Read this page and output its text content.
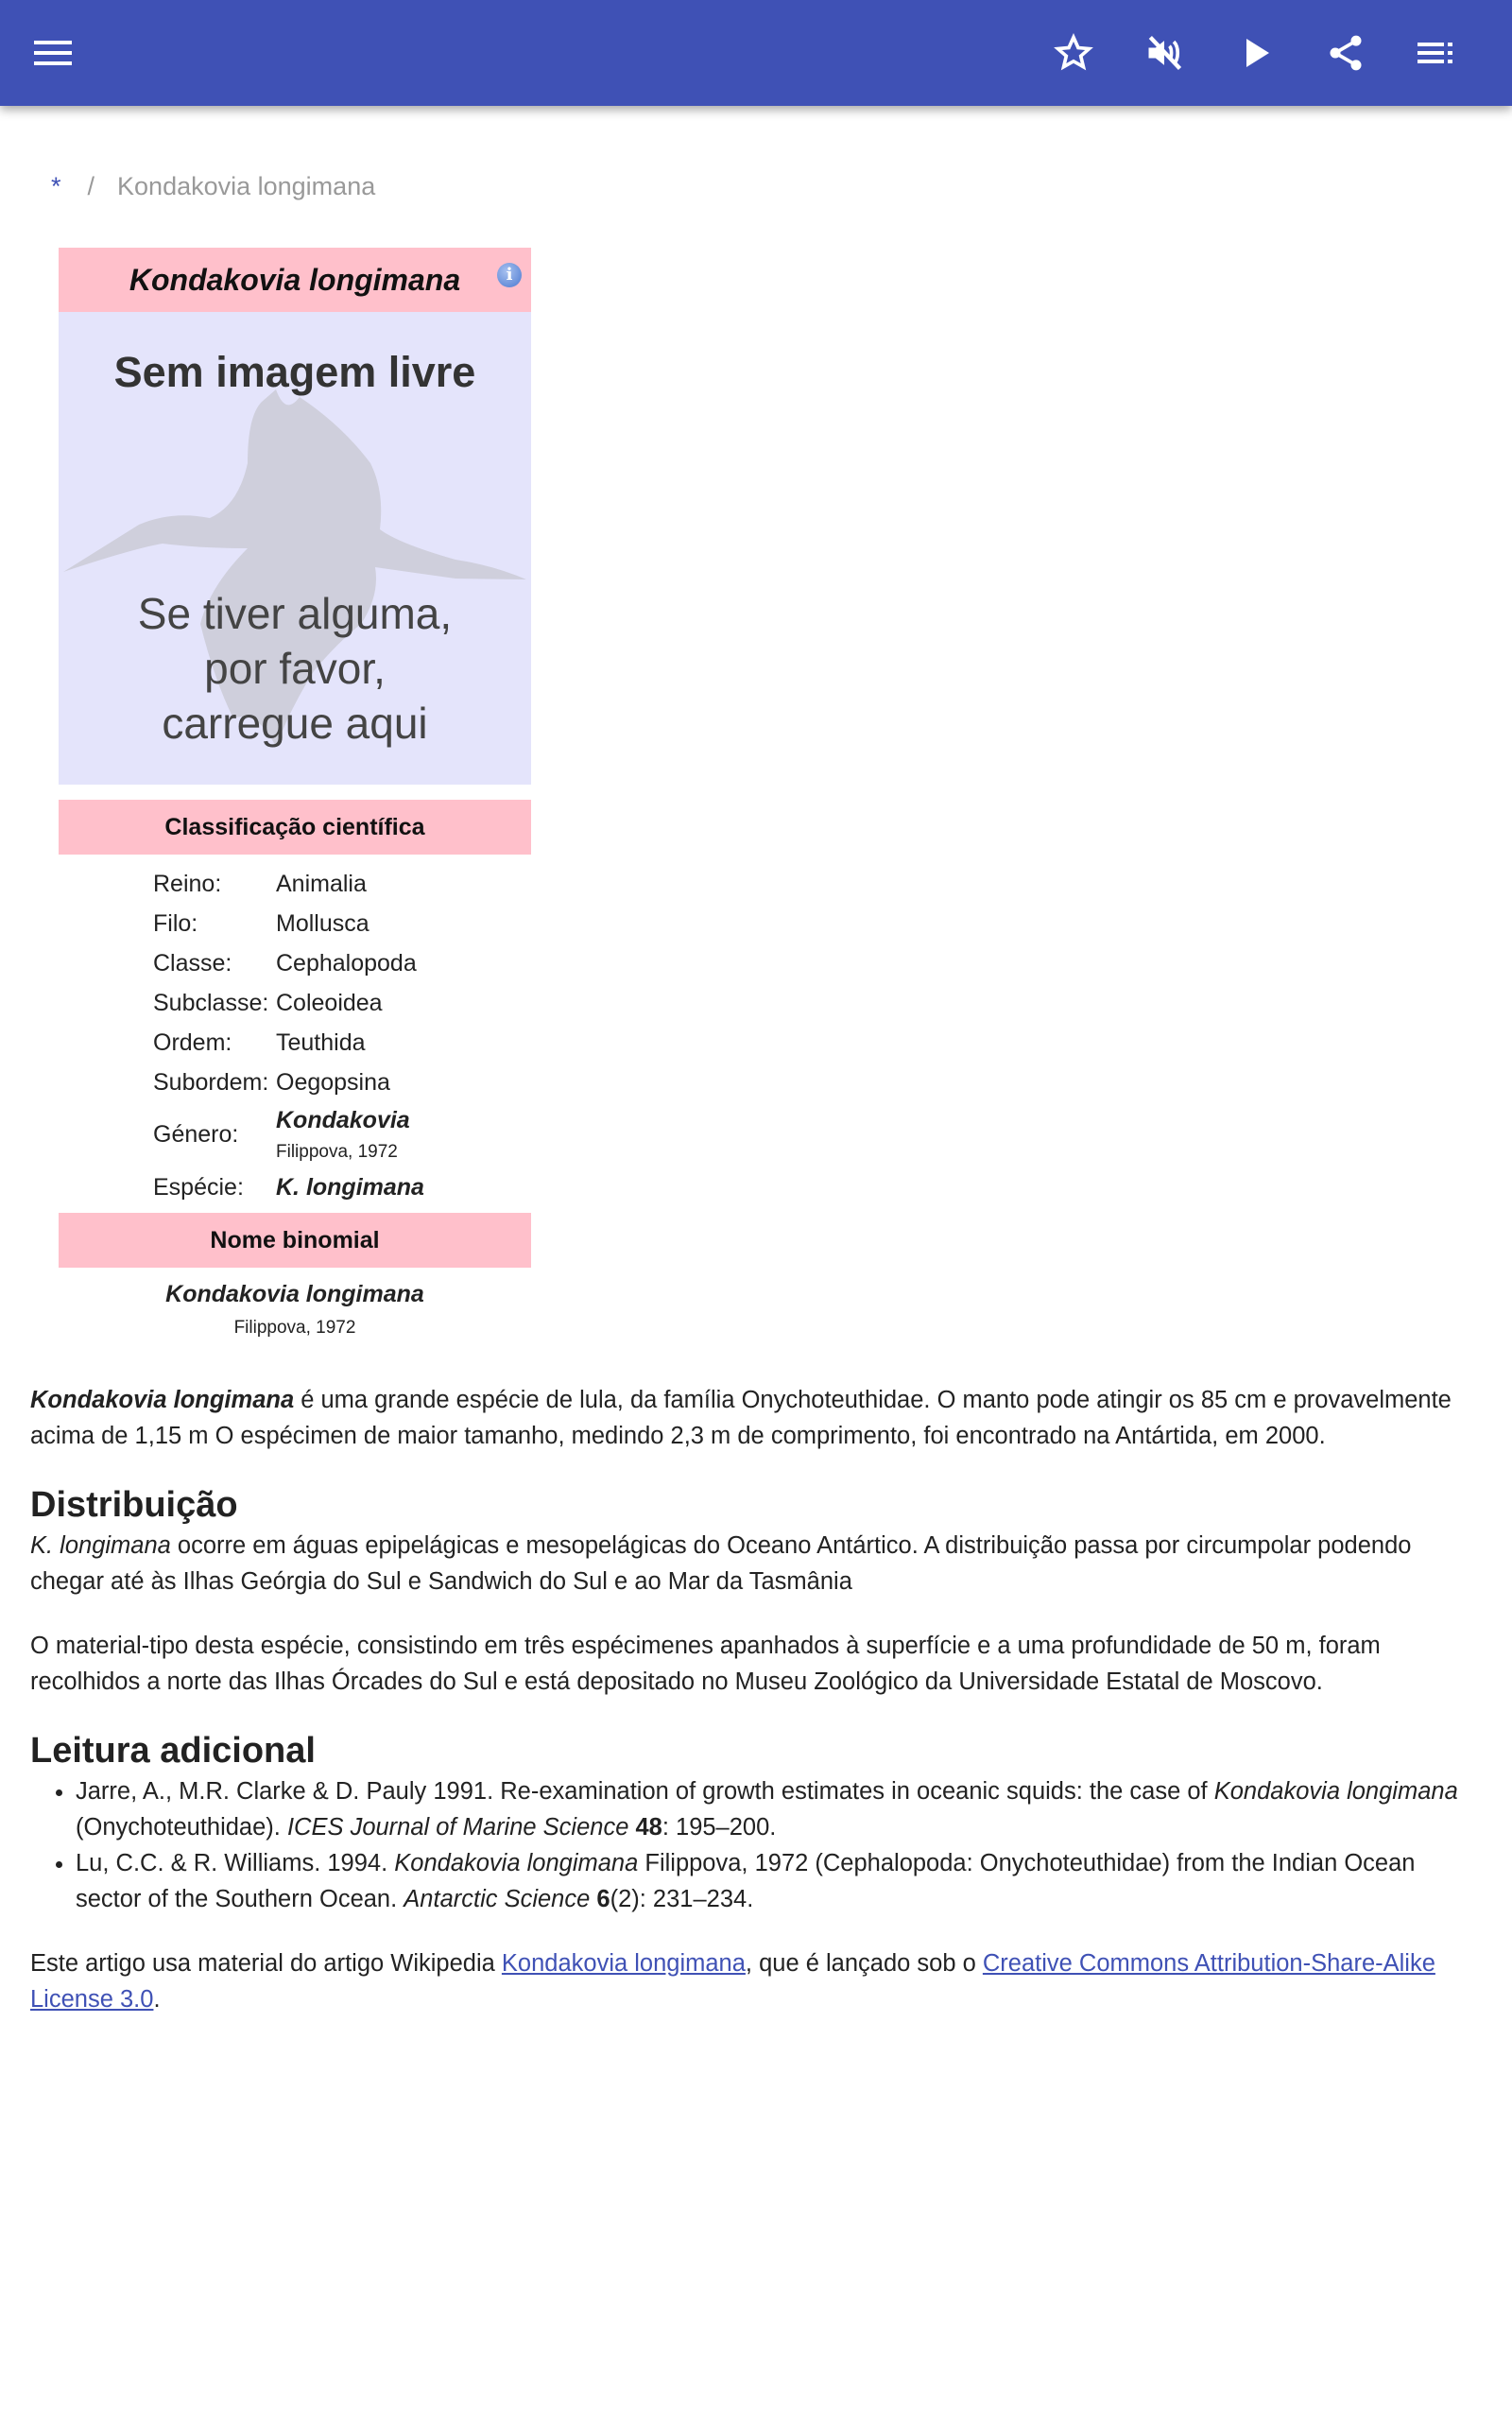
* / Kondakovia longimana
Kondakovia longimana	i
Sem imagem livre
Se tiver alguma,
por favor,
carregue aqui
Classificação científica
Reino:	Animalia
Filo:	Mollusca
Classe:	Cephalopoda
Subclasse:	Coleoidea
Ordem:	Teuthida
Subordem:	Oegopsina
Género:	Kondakovia
Filippova, 1972

Espécie:	K. longimana
Nome binomial
Kondakovia longimana
Filippova, 1972

Kondakovia longimana é uma grande espécie de lula, da família Onychoteuthidae. O manto pode atingir os 85 cm e provavelmente acima de 1,15 m O espécimen de maior tamanho, medindo 2,3 m de comprimento, foi encontrado na Antártida, em 2000.

Distribuição

K. longimana ocorre em águas epipelágicas e mesopelágicas do Oceano Antártico. A distribuição passa por circumpolar podendo chegar até às Ilhas Geórgia do Sul e Sandwich do Sul e ao Mar da Tasmânia

O material-tipo desta espécie, consistindo em três espécimenes apanhados à superfície e a uma profundidade de 50 m, foram recolhidos a norte das Ilhas Órcades do Sul e está depositado no Museu Zoológico da Universidade Estatal de Moscovo.

Leitura adicional
• Jarre, A., M.R. Clarke & D. Pauly 1991. Re-examination of growth estimates in oceanic squids: the case of Kondakovia longimana (Onychoteuthidae). ICES Journal of Marine Science 48: 195–200.
• Lu, C.C. & R. Williams. 1994. Kondakovia longimana Filippova, 1972 (Cephalopoda: Onychoteuthidae) from the Indian Ocean sector of the Southern Ocean. Antarctic Science 6(2): 231–234.

Este artigo usa material do artigo Wikipedia Kondakovia longimana, que é lançado sob o Creative Commons Attribution-Share-Alike License 3.0.
